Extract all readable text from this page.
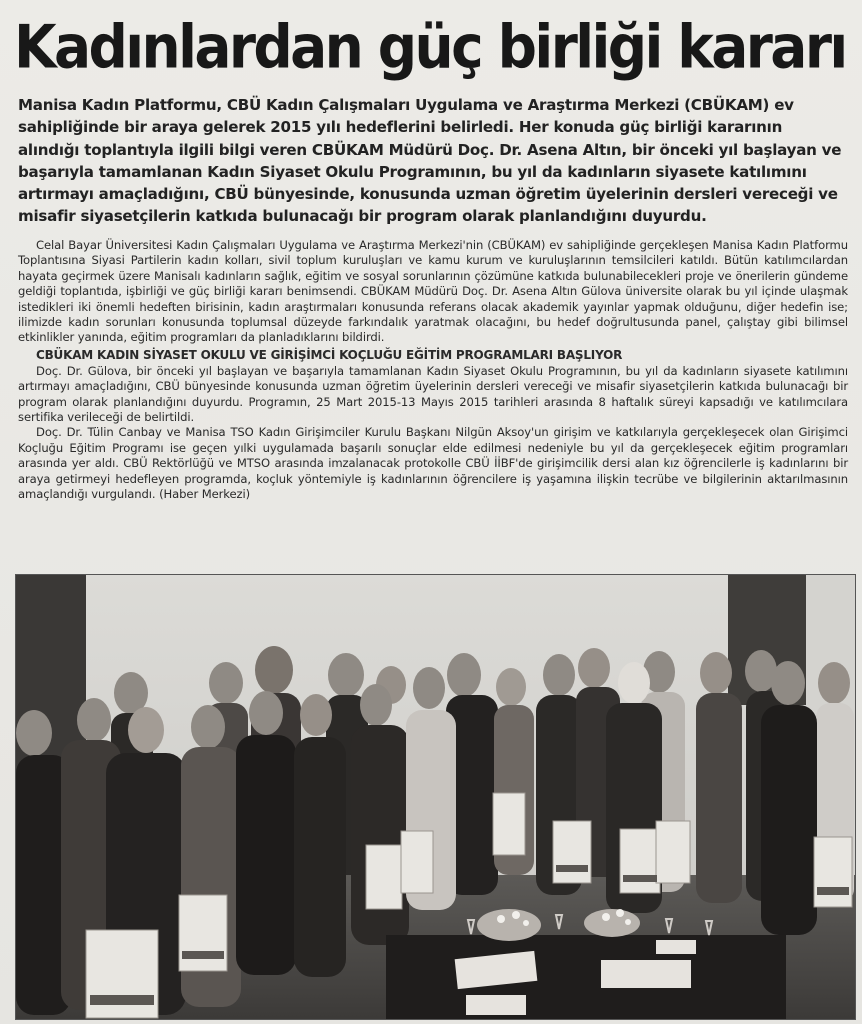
Kadınlardan güç birliği kararı

Manisa Kadın Platformu, CBÜ Kadın Çalışmaları Uygulama ve Araştırma Merkezi (CBÜKAM) ev sahipliğinde bir araya gelerek 2015 yılı hedeflerini belirledi. Her konuda güç birliği kararının alındığı toplantıyla ilgili bilgi veren CBÜKAM Müdürü Doç. Dr. Asena Altın, bir önceki yıl başlayan ve başarıyla tamamlanan Kadın Siyaset Okulu Programının, bu yıl da kadınların siyasete katılımını artırmayı amaçladığını, CBÜ bünyesinde, konusunda uzman öğretim üyelerinin dersleri vereceği ve misafir siyasetçilerin katkıda bulunacağı bir program olarak planlandığını duyurdu.

Celal Bayar Üniversitesi Kadın Çalışmaları Uygulama ve Araştırma Merkezi'nin (CBÜKAM) ev sahipliğinde gerçekleşen Manisa Kadın Platformu Toplantısına Siyasi Partilerin kadın kolları, sivil toplum kuruluşları ve kamu kurum ve kuruluşlarının temsilcileri katıldı. Bütün katılımcılardan hayata geçirmek üzere Manisalı kadınların sağlık, eğitim ve sosyal sorunlarının çözümüne katkıda bulunabilecekleri proje ve önerilerin gündeme geldiği toplantıda, işbirliği ve güç birliği kararı benimsendi. CBÜKAM Müdürü Doç. Dr. Asena Altın Gülova üniversite olarak bu yıl içinde ulaşmak istedikleri iki önemli hedeften birisinin, kadın araştırmaları konusunda referans olacak akademik yayınlar yapmak olduğunu, diğer hedefin ise; ilimizde kadın sorunları konusunda toplumsal düzeyde farkındalık yaratmak olacağını, bu hedef doğrultusunda panel, çalıştay gibi bilimsel etkinlikler yanında, eğitim programları da planladıklarını bildirdi.

CBÜKAM KADIN SİYASET OKULU VE GİRİŞİMCİ KOÇLUĞU EĞİTİM PROGRAMLARI BAŞLIYOR

Doç. Dr. Gülova, bir önceki yıl başlayan ve başarıyla tamamlanan Kadın Siyaset Okulu Programının, bu yıl da kadınların siyasete katılımını artırmayı amaçladığını, CBÜ bünyesinde konusunda uzman öğretim üyelerinin dersleri vereceği ve misafir siyasetçilerin katkıda bulunacağı bir program olarak planlandığını duyurdu. Programın, 25 Mart 2015-13 Mayıs 2015 tarihleri arasında 8 haftalık süreyi kapsadığı ve katılımcılara sertifika verileceği de belirtildi.

Doç. Dr. Tülin Canbay ve Manisa TSO Kadın Girişimciler Kurulu Başkanı Nilgün Aksoy'un girişim ve katkılarıyla gerçekleşecek olan Girişimci Koçluğu Eğitim Programı ise geçen yılki uygulamada başarılı sonuçlar elde edilmesi nedeniyle bu yıl da gerçekleşecek eğitim programları arasında yer aldı. CBÜ Rektörlüğü ve MTSO arasında imzalanacak protokolle CBÜ İİBF'de girişimcilik dersi alan kız öğrencilerle iş kadınlarını bir araya getirmeyi hedefleyen programda, koçluk yöntemiyle iş kadınlarının öğrencilere iş yaşamına ilişkin tecrübe ve bilgilerinin aktarılmasının amaçlandığı vurgulandı. (Haber Merkezi)
